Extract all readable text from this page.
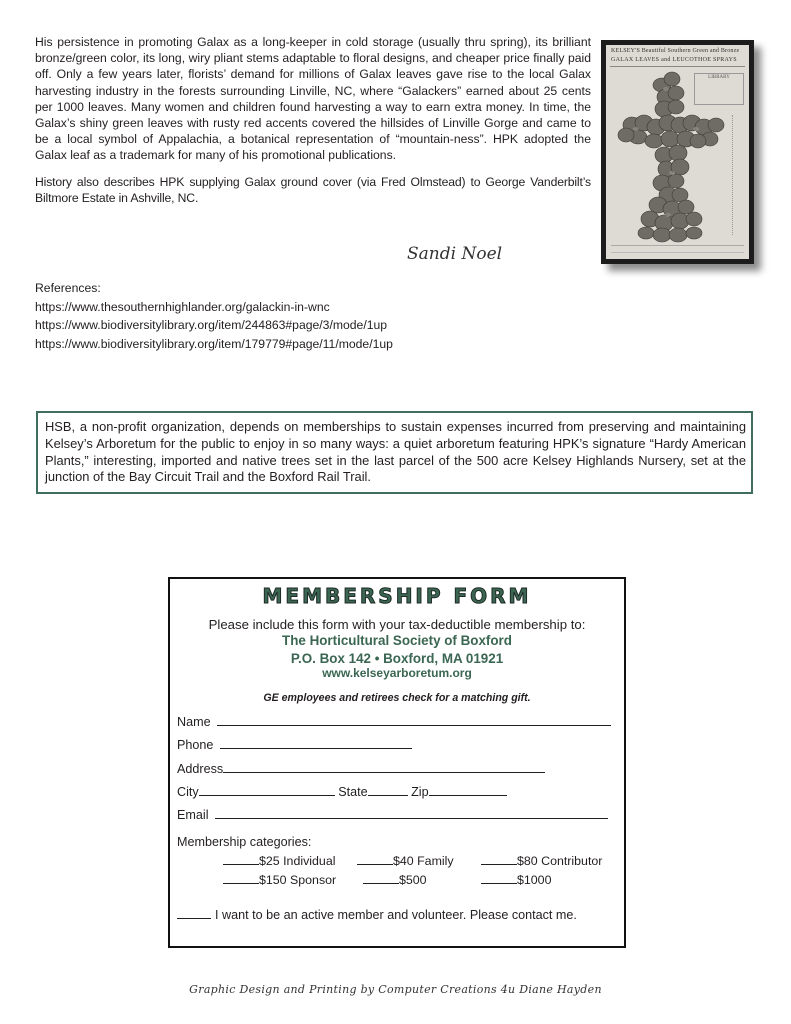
His persistence in promoting Galax as a long-keeper in cold storage (usually thru spring), its brilliant bronze/green color, its long, wiry pliant stems adaptable to floral designs, and cheaper price finally paid off. Only a few years later, florists’ demand for millions of Galax leaves gave rise to the local Galax harvesting industry in the forests surrounding Linville, NC, where “Galackers” earned about 25 cents per 1000 leaves. Many women and children found harvesting a way to earn extra money. In time, the Galax’s shiny green leaves with rusty red accents covered the hillsides of Linville Gorge and came to be a local symbol of Appalachia, a botanical representation of “mountain-ness”. HPK adopted the Galax leaf as a trademark for many of his promotional publications.

History also describes HPK supplying Galax ground cover (via Fred Olmstead) to George Vanderbilt’s Biltmore Estate in Ashville, NC.

KELSEY'S Beautiful Southern Green and Bronze
GALAX LEAVES and LEUCOTHOE SPRAYS
LIBRARY
Sandi Noel
References:
https://www.thesouthernhighlander.org/galackin-in-wnc
https://www.biodiversitylibrary.org/item/244863#page/3/mode/1up
https://www.biodiversitylibrary.org/item/179779#page/11/mode/1up

HSB, a non-profit organization, depends on memberships to sustain expenses incurred from preserving and maintaining Kelsey’s Arboretum for the public to enjoy in so many ways: a quiet arboretum featuring HPK’s signature “Hardy American Plants,” interesting, imported and native trees set in the last parcel of the 500 acre Kelsey Highlands Nursery, set at the junction of the Bay Circuit Trail and the Boxford Rail Trail.

MEMBERSHIP FORM
Please include this form with your tax-deductible membership to:
The Horticultural Society of Boxford
P.O. Box 142 • Boxford, MA 01921
www.kelseyarboretum.org
GE employees and retirees check for a matching gift.
Name
Phone
Address
City	State	Zip
Email
Membership categories:
$25 Individual	$40 Family	$80 Contributor
$150 Sponsor	$500	$1000
I want to be an active member and volunteer. Please contact me.
Graphic Design and Printing by Computer Creations 4u Diane Hayden
